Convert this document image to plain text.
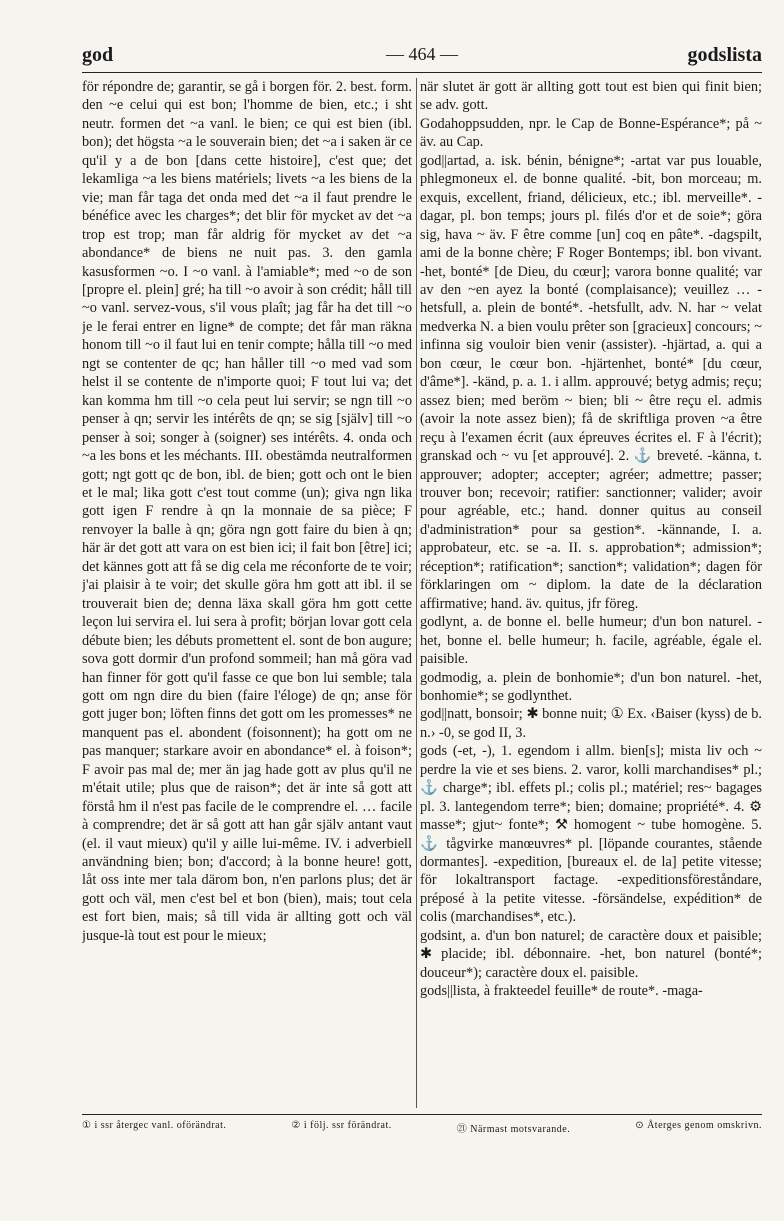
god	— 464 —	godslista

för répondre de; garantir, se gå i borgen för. 2. best. form. den ~e celui qui est bon; l'homme de bien, etc.; i sht neutr. formen det ~a vanl. le bien; ce qui est bien (ibl. bon); det högsta ~a le souverain bien; det ~a i saken är ce qu'il y a de bon [dans cette histoire], c'est que; det lekamliga ~a les biens matériels; livets ~a les biens de la vie; man får taga det onda med det ~a il faut prendre le bénéfice avec les charges*; det blir för mycket av det ~a trop est trop; man får aldrig för mycket av det ~a abondance* de biens ne nuit pas. 3. den gamla kasusformen ~o. I ~o vanl. à l'amiable*; med ~o de son [propre el. plein] gré; ha till ~o avoir à son crédit; håll till ~o vanl. servez-vous, s'il vous plaît; jag får ha det till ~o je le ferai entrer en ligne* de compte; det får man räkna honom till ~o il faut lui en tenir compte; hålla till ~o med ngt se contenter de qc; han håller till ~o med vad som helst il se contente de n'importe quoi; F tout lui va; det kan komma hm till ~o cela peut lui servir; se ngn till ~o penser à qn; servir les intérêts de qn; se sig [själv] till ~o penser à soi; songer à (soigner) ses intérêts. 4. onda och ~a les bons et les méchants. III. obestämda neutralformen gott; ngt gott qc de bon, ibl. de bien; gott och ont le bien et le mal; lika gott c'est tout comme (un); giva ngn lika gott igen F rendre à qn la monnaie de sa pièce; F renvoyer la balle à qn; göra ngn gott faire du bien à qn; här är det gott att vara on est bien ici; il fait bon [être] ici; det kännes gott att få se dig cela me réconforte de te voir; j'ai plaisir à te voir; det skulle göra hm gott att ibl. il se trouverait bien de; denna läxa skall göra hm gott cette leçon lui servira el. lui sera à profit; början lovar gott cela débute bien; les débuts promettent el. sont de bon augure; sova gott dormir d'un profond sommeil; han må göra vad han finner för gott qu'il fasse ce que bon lui semble; tala gott om ngn dire du bien (faire l'éloge) de qn; anse för gott juger bon; löften finns det gott om les promesses* ne manquent pas el. abondent (foisonnent); ha gott om ne pas manquer; starkare avoir en abondance* el. à foison*; F avoir pas mal de; mer än jag hade gott av plus qu'il ne m'était utile; plus que de raison*; det är inte så gott att förstå hm il n'est pas facile de le comprendre el. … facile à comprendre; det är så gott att han går själv antant vaut (el. il vaut mieux) qu'il y aille lui-même. IV. i adverbiell användning bien; bon; d'accord; à la bonne heure! gott, låt oss inte mer tala därom bon, n'en parlons plus; det är gott och väl, men c'est bel et bon (bien), mais; tout cela est fort bien, mais; så till vida är allting gott och väl jusque-là tout est pour le mieux;

när slutet är gott är allting gott tout est bien qui finit bien; se adv. gott.

Godahoppsudden, npr. le Cap de Bonne-Espérance*; på ~ äv. au Cap.

god||artad, a. isk. bénin, bénigne*; -artat var pus louable, phlegmoneux el. de bonne qualité. -bit, bon morceau; m. exquis, excellent, friand, délicieux, etc.; ibl. merveille*. -dagar, pl. bon temps; jours pl. filés d'or et de soie*; göra sig, hava ~ äv. F être comme [un] coq en pâte*. -dagspilt, ami de la bonne chère; F Roger Bontemps; ibl. bon vivant. -het, bonté* [de Dieu, du cœur]; varora bonne qualité; var av den ~en ayez la bonté (complaisance); veuillez … -hetsfull, a. plein de bonté*. -hetsfullt, adv. N. har ~ velat medverka N. a bien voulu prêter son [gracieux] concours; ~ infinna sig vouloir bien venir (assister). -hjärtad, a. qui a bon cœur, le cœur bon. -hjärtenhet, bonté* [du cœur, d'âme*]. -känd, p. a. 1. i allm. approuvé; betyg admis; reçu; assez bien; med beröm ~ bien; bli ~ être reçu el. admis (avoir la note assez bien); få de skriftliga proven ~a être reçu à l'examen écrit (aux épreuves écrites el. F à l'écrit); granskad och ~ vu [et approuvé]. 2. ⚓ breveté. -känna, t. approuver; adopter; accepter; agréer; admettre; passer; trouver bon; recevoir; ratifier: sanctionner; valider; avoir pour agréable, etc.; hand. donner quitus au conseil d'administration* pour sa gestion*. -kännande, I. a. approbateur, etc. se -a. II. s. approbation*; admission*; réception*; ratification*; sanction*; validation*; dagen för förklaringen om ~ diplom. la date de la déclaration affirmative; hand. äv. quitus, jfr föreg.

godlynt, a. de bonne el. belle humeur; d'un bon naturel. -het, bonne el. belle humeur; h. facile, agréable, égale el. paisible.

godmodig, a. plein de bonhomie*; d'un bon naturel. -het, bonhomie*; se godlynthet.

god||natt, bonsoir; ✱ bonne nuit; ① Ex. ‹Baiser (kyss) de b. n.› -0, se god II, 3.

gods (-et, -), 1. egendom i allm. bien[s]; mista liv och ~ perdre la vie et ses biens. 2. varor, kolli marchandises* pl.; ⚓ charge*; ibl. effets pl.; colis pl.; matériel; res~ bagages pl. 3. lantegendom terre*; bien; domaine; propriété*. 4. ⚙ masse*; gjut~ fonte*; ⚒ homogent ~ tube homogène. 5. ⚓ tågvirke manœuvres* pl. [löpande courantes, stående dormantes]. -expedition, [bureaux el. de la] petite vitesse; för lokaltransport factage. -expeditionsföreståndare, préposé à la petite vitesse. -försändelse, expédition* de colis (marchandises*, etc.).

godsint, a. d'un bon naturel; de caractère doux et paisible; ✱ placide; ibl. débonnaire. -het, bon naturel (bonté*; douceur*); caractère doux el. paisible.

gods||lista, à frakteedel feuille* de route*. -maga-

① i ssr återgeс vanl. oförändrat.	② i följ. ssr förändrat.	㉑ Närmast motsvarande.	⊙ Återges genom omskrivn.
